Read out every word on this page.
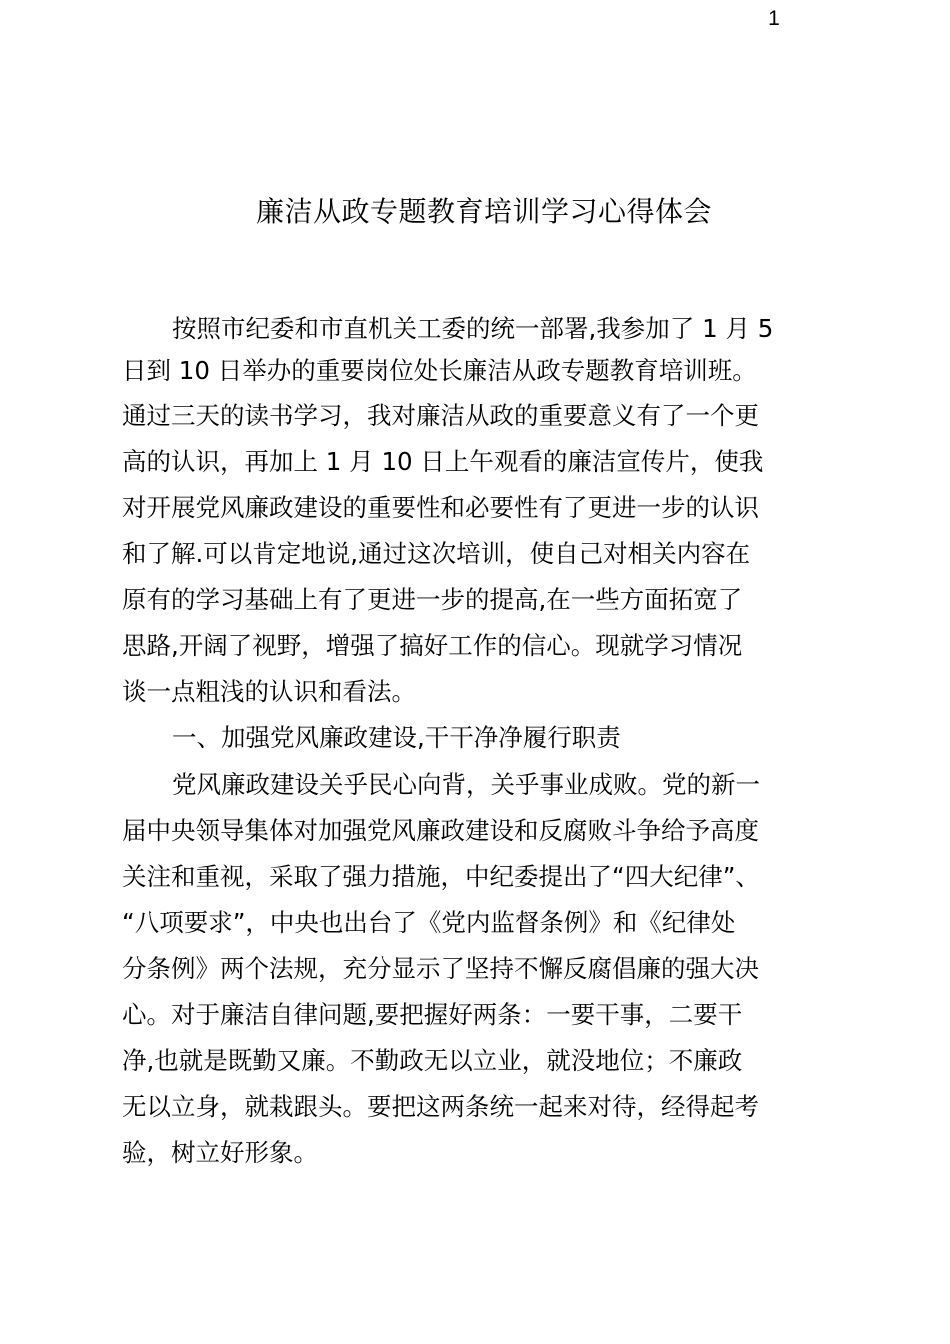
1
廉洁从政专题教育培训学习心得体会
按照市纪委和市直机关工委的统一部署,我参加了 1 月 5
日到 10 日举办的重要岗位处长廉洁从政专题教育培训班。
通过三天的读书学习，我对廉洁从政的重要意义有了一个更
高的认识，再加上 1 月 10 日上午观看的廉洁宣传片，使我
对开展党风廉政建设的重要性和必要性有了更进一步的认识
和了解.可以肯定地说,通过这次培训，使自己对相关内容在
原有的学习基础上有了更进一步的提高,在一些方面拓宽了
思路,开阔了视野，增强了搞好工作的信心。现就学习情况
谈一点粗浅的认识和看法。
一、加强党风廉政建设,干干净净履行职责
党风廉政建设关乎民心向背，关乎事业成败。党的新一
届中央领导集体对加强党风廉政建设和反腐败斗争给予高度
关注和重视，采取了强力措施，中纪委提出了“四大纪律”、
“八项要求”，中央也出台了《党内监督条例》和《纪律处
分条例》两个法规，充分显示了坚持不懈反腐倡廉的强大决
心。对于廉洁自律问题,要把握好两条：一要干事，二要干
净,也就是既勤又廉。不勤政无以立业，就没地位；不廉政
无以立身，就栽跟头。要把这两条统一起来对待，经得起考
验，树立好形象。
